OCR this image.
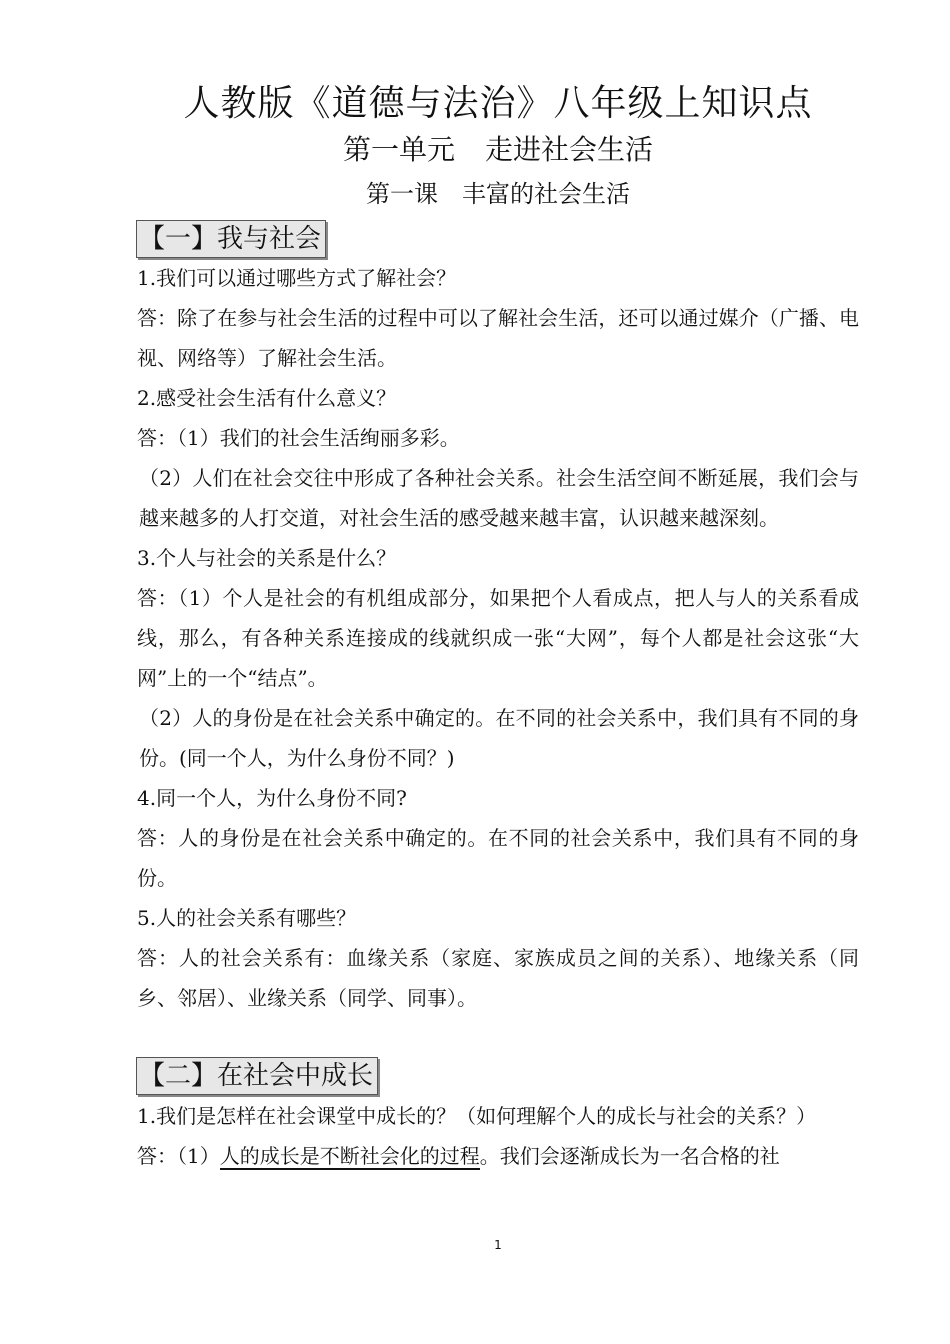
人教版《道德与法治》八年级上知识点
第一单元 走进社会生活
第一课 丰富的社会生活
【一】我与社会

1.我们可以通过哪些方式了解社会？

答：除了在参与社会生活的过程中可以了解社会生活，还可以通过媒介（广播、电视、网络等）了解社会生活。

2.感受社会生活有什么意义？

答：（1）我们的社会生活绚丽多彩。

（2）人们在社会交往中形成了各种社会关系。社会生活空间不断延展，我们会与越来越多的人打交道，对社会生活的感受越来越丰富，认识越来越深刻。

3.个人与社会的关系是什么？

答：（1）个人是社会的有机组成部分，如果把个人看成点，把人与人的关系看成线，那么，有各种关系连接成的线就织成一张“大网”，每个人都是社会这张“大网”上的一个“结点”。

（2）人的身份是在社会关系中确定的。在不同的社会关系中，我们具有不同的身份。(同一个人，为什么身份不同？)

4.同一个人，为什么身份不同?

答：人的身份是在社会关系中确定的。在不同的社会关系中，我们具有不同的身份。

5.人的社会关系有哪些？

答：人的社会关系有：血缘关系（家庭、家族成员之间的关系）、地缘关系（同乡、邻居）、业缘关系（同学、同事）。

【二】在社会中成长

1.我们是怎样在社会课堂中成长的？（如何理解个人的成长与社会的关系？）

答：（1）人的成长是不断社会化的过程。我们会逐渐成长为一名合格的社

1
